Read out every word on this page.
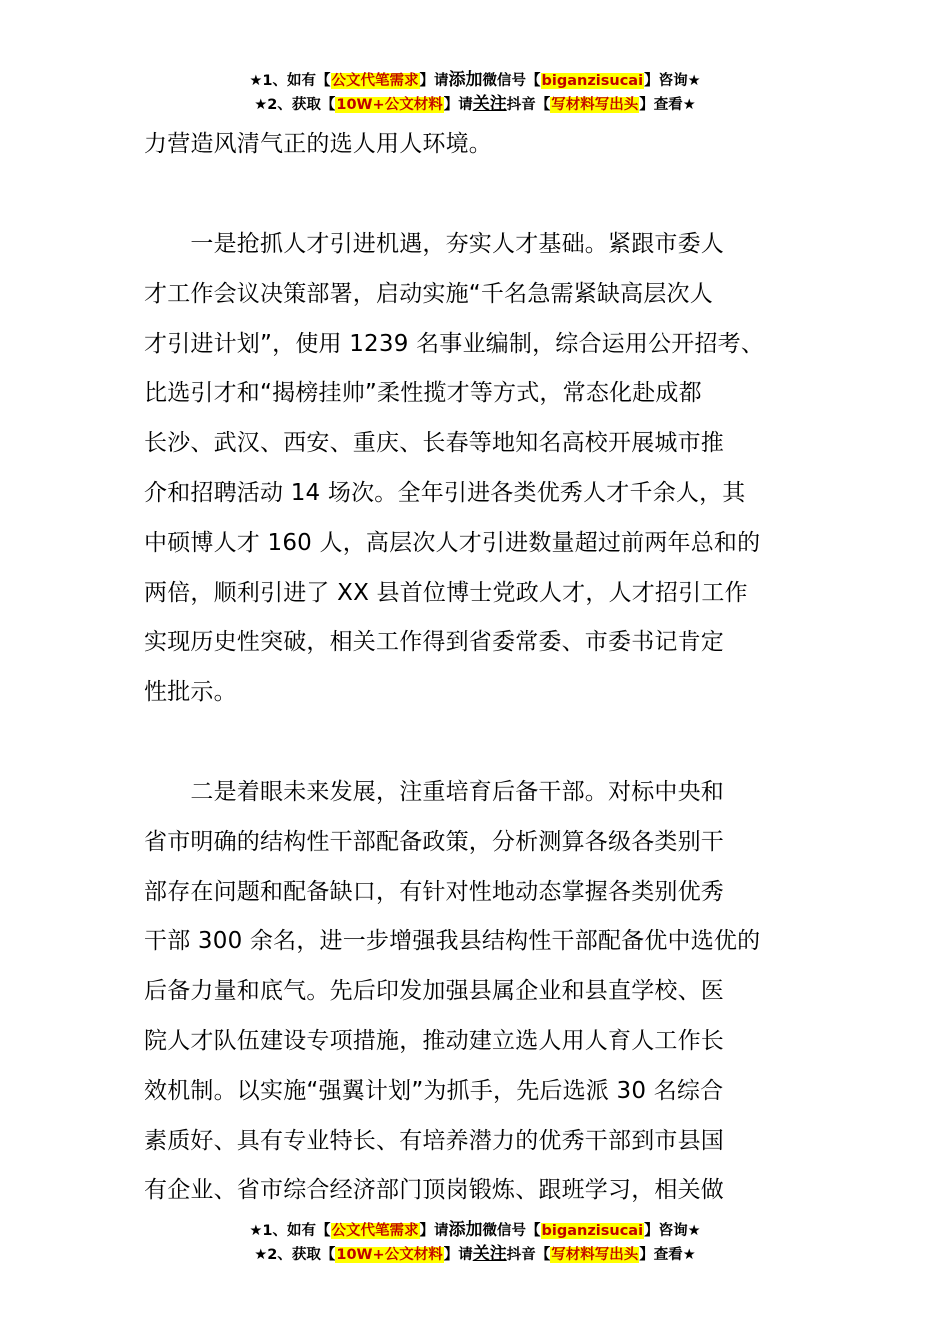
★1、如有【公文代笔需求】请添加微信号【biganzisucai】咨询★
★2、获取【10W+公文材料】请关注抖音【写材料写出头】查看★
力营造风清气正的选人用人环境。
　　一是抢抓人才引进机遇，夯实人才基础。紧跟市委人
才工作会议决策部署，启动实施“千名急需紧缺高层次人
才引进计划”，使用 1239 名事业编制，综合运用公开招考、
比选引才和“揭榜挂帅”柔性揽才等方式，常态化赴成都
长沙、武汉、西安、重庆、长春等地知名高校开展城市推
介和招聘活动 14 场次。全年引进各类优秀人才千余人，其
中硕博人才 160 人，高层次人才引进数量超过前两年总和的
两倍，顺利引进了 XX 县首位博士党政人才，人才招引工作
实现历史性突破，相关工作得到省委常委、市委书记肯定
性批示。
　　二是着眼未来发展，注重培育后备干部。对标中央和
省市明确的结构性干部配备政策，分析测算各级各类别干
部存在问题和配备缺口，有针对性地动态掌握各类别优秀
干部 300 余名，进一步增强我县结构性干部配备优中选优的
后备力量和底气。先后印发加强县属企业和县直学校、医
院人才队伍建设专项措施，推动建立选人用人育人工作长
效机制。以实施“强翼计划”为抓手，先后选派 30 名综合
素质好、具有专业特长、有培养潜力的优秀干部到市县国
有企业、省市综合经济部门顶岗锻炼、跟班学习，相关做
★1、如有【公文代笔需求】请添加微信号【biganzisucai】咨询★
★2、获取【10W+公文材料】请关注抖音【写材料写出头】查看★
